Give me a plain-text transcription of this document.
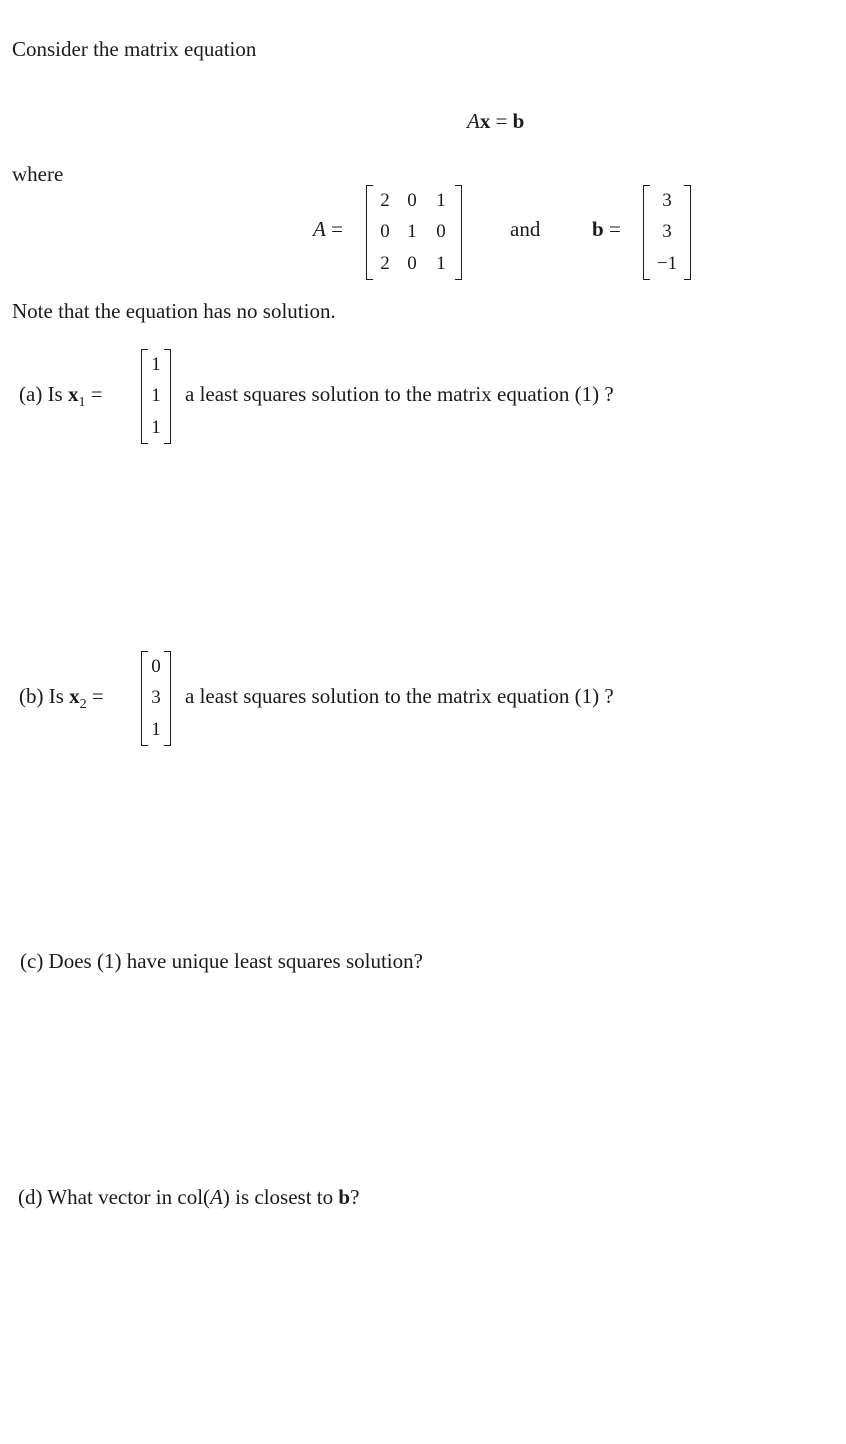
Consider the matrix equation
Ax = b
where
A =
2 0	1
0 1	0
2 0	1
and b =
3
3
−1
Note that the equation has no solution.
(a) Is $x_1$ =
1
1
1
a least squares solution to the matrix equation (1) ?
(b) Is $x_2$ =
0
3
1
a least squares solution to the matrix equation (1) ?
(c) Does (1) have unique least squares solution?
(d) What vector in col(A) is closest to b?
